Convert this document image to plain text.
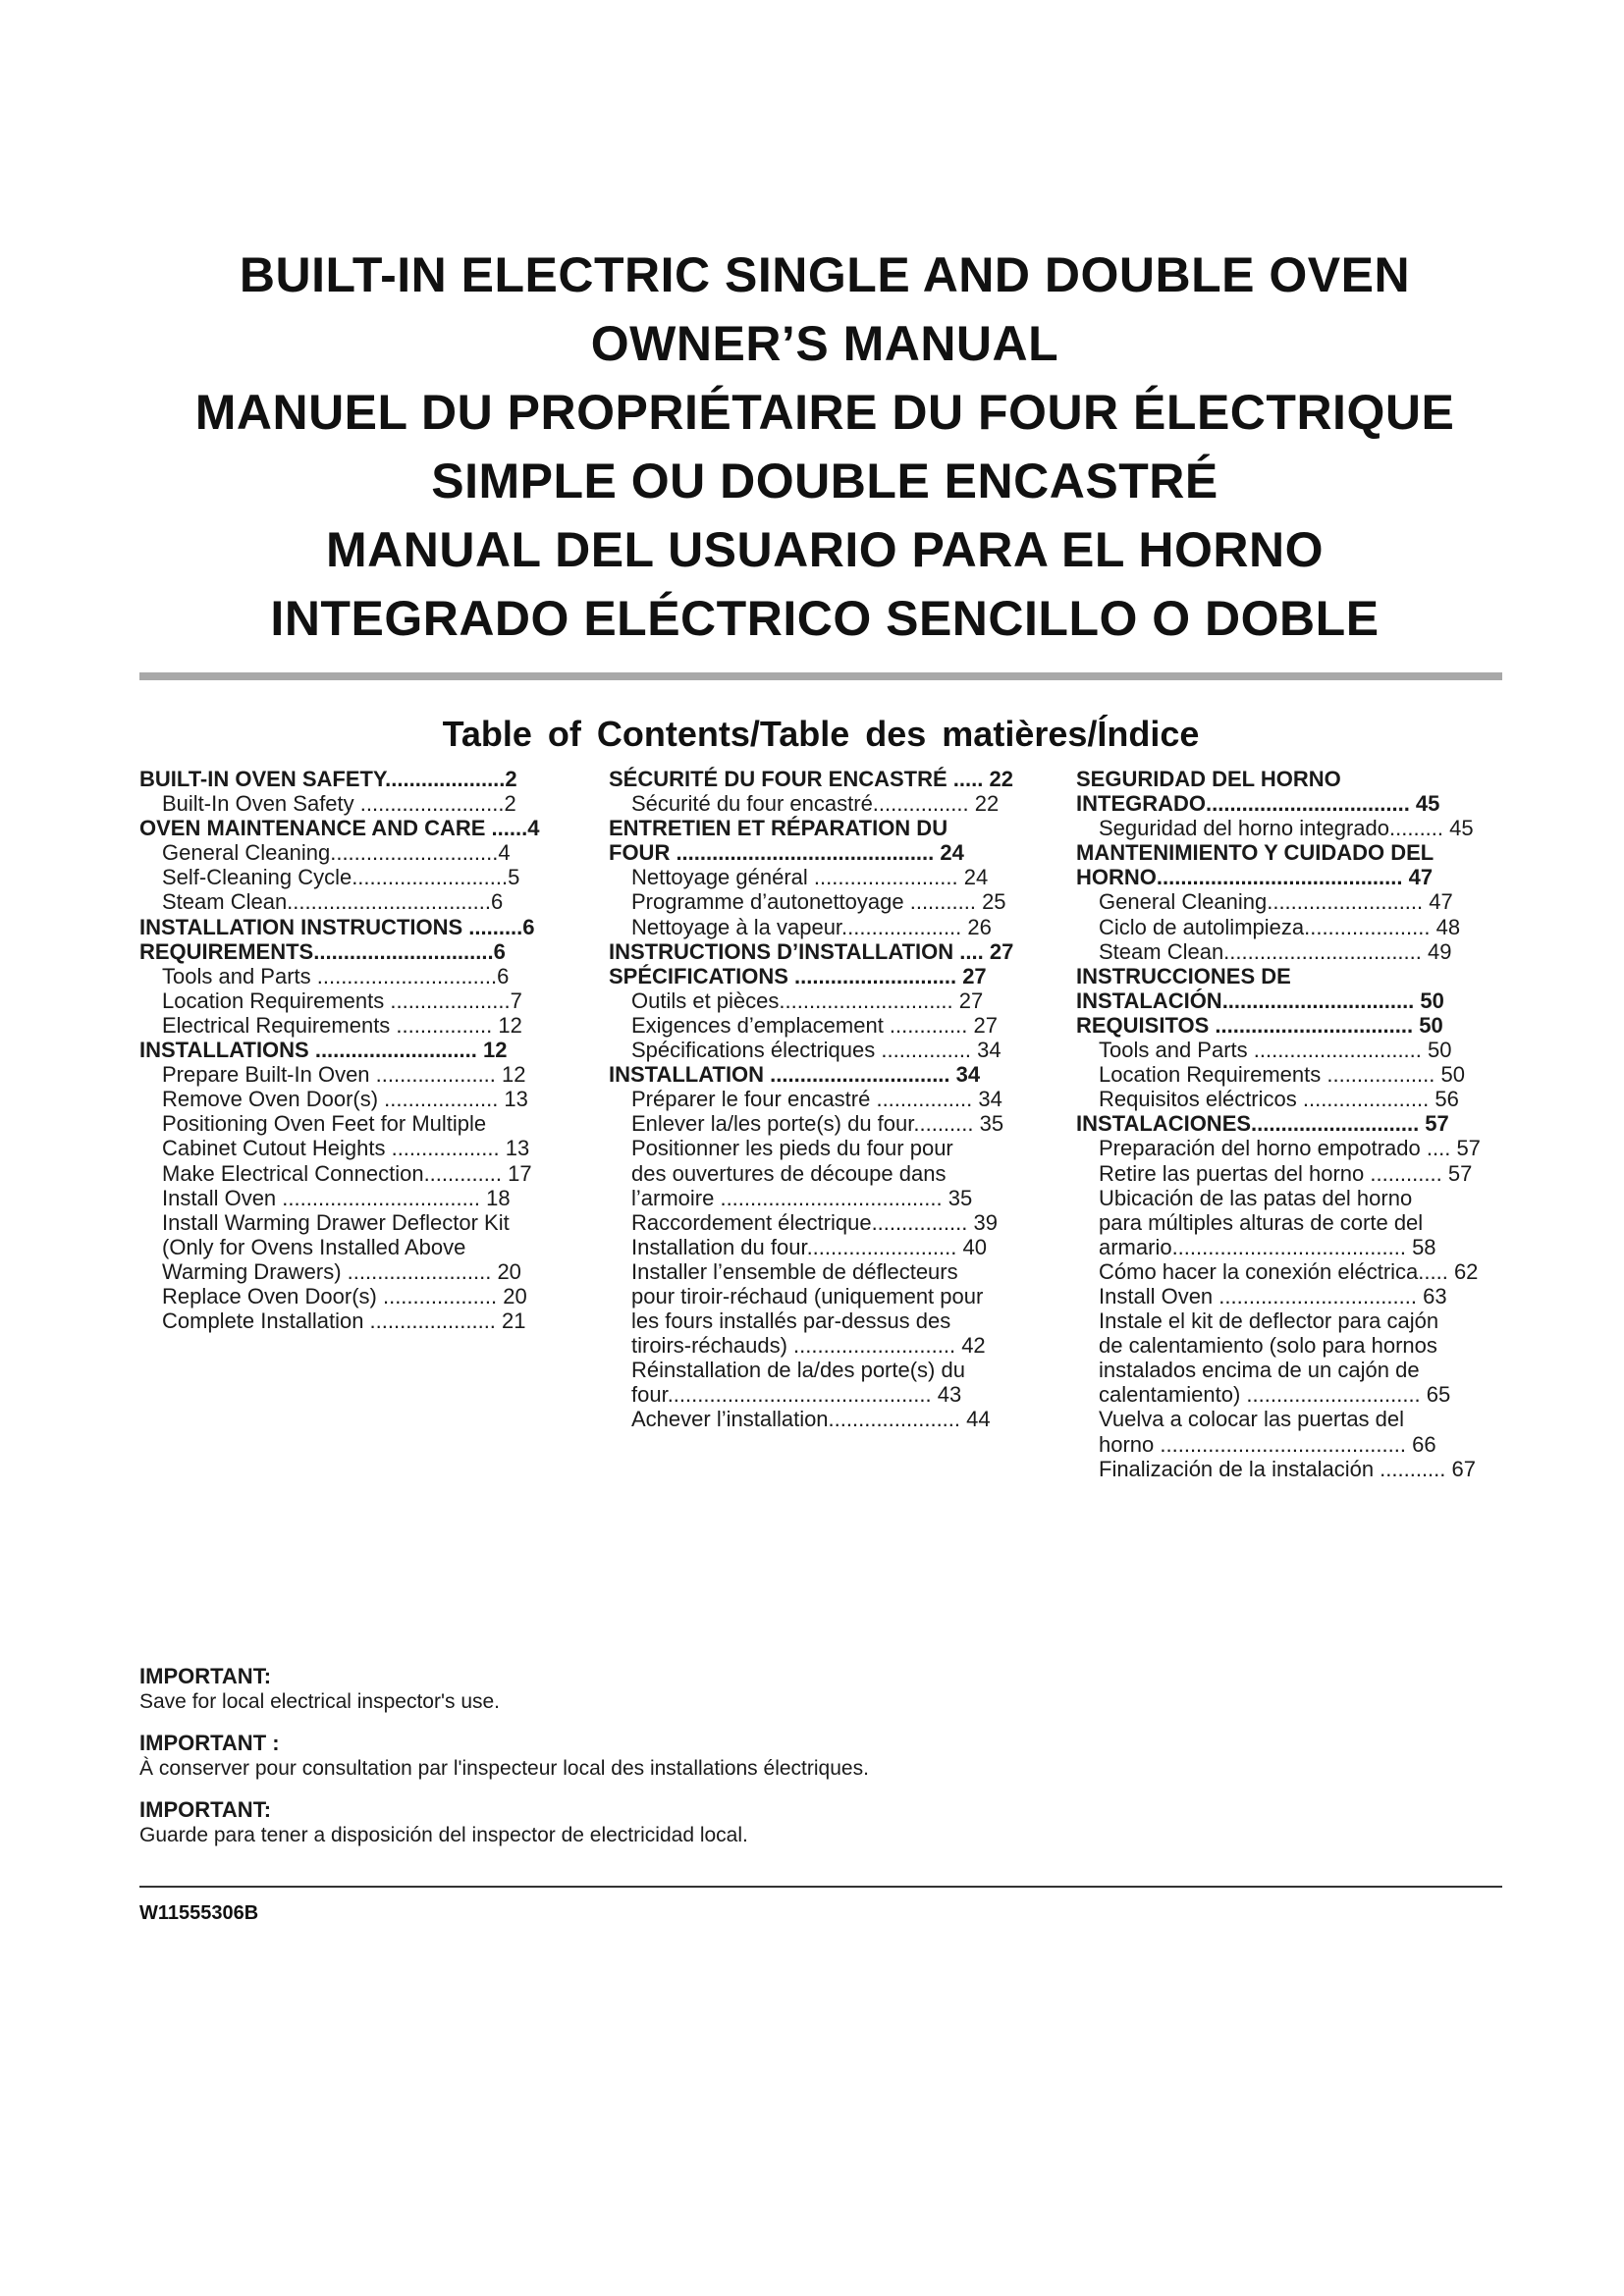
BUILT-IN ELECTRIC SINGLE AND DOUBLE OVEN
OWNER’S MANUAL
MANUEL DU PROPRIÉTAIRE DU FOUR ÉLECTRIQUE
SIMPLE OU DOUBLE ENCASTRÉ
MANUAL DEL USUARIO PARA EL HORNO
INTEGRADO ELÉCTRICO SENCILLO O DOBLE
Table of Contents/Table des matières/Índice
BUILT-IN OVEN SAFETY....................2
Built-In Oven Safety ........................2
OVEN MAINTENANCE AND CARE ......4
General Cleaning............................4
Self-Cleaning Cycle..........................5
Steam Clean..................................6
INSTALLATION INSTRUCTIONS .........6
REQUIREMENTS..............................6
Tools and Parts ..............................6
Location Requirements ....................7
Electrical Requirements ................ 12
INSTALLATIONS ........................... 12
Prepare Built-In Oven .................... 12
Remove Oven Door(s) ................... 13
Positioning Oven Feet for Multiple
Cabinet Cutout Heights .................. 13
Make Electrical Connection............. 17
Install Oven ................................. 18
Install Warming Drawer Deflector Kit
(Only for Ovens Installed Above
Warming Drawers) ........................ 20
Replace Oven Door(s) ................... 20
Complete Installation ..................... 21
SÉCURITÉ DU FOUR ENCASTRÉ ..... 22
Sécurité du four encastré................ 22
ENTRETIEN ET RÉPARATION DU
FOUR ........................................... 24
Nettoyage général ........................ 24
Programme d’autonettoyage ........... 25
Nettoyage à la vapeur.................... 26
INSTRUCTIONS D’INSTALLATION .... 27
SPÉCIFICATIONS ........................... 27
Outils et pièces............................. 27
Exigences d’emplacement ............. 27
Spécifications électriques ............... 34
INSTALLATION .............................. 34
Préparer le four encastré ................ 34
Enlever la/les porte(s) du four.......... 35
Positionner les pieds du four pour
des ouvertures de découpe dans
l’armoire ..................................... 35
Raccordement électrique................ 39
Installation du four......................... 40
Installer l’ensemble de déflecteurs
pour tiroir-réchaud (uniquement pour
les fours installés par-dessus des
tiroirs-réchauds) ........................... 42
Réinstallation de la/des porte(s) du
four............................................ 43
Achever l’installation...................... 44
SEGURIDAD DEL HORNO
INTEGRADO.................................. 45
Seguridad del horno integrado......... 45
MANTENIMIENTO Y CUIDADO DEL
HORNO......................................... 47
General Cleaning.......................... 47
Ciclo de autolimpieza..................... 48
Steam Clean................................. 49
INSTRUCCIONES DE
INSTALACIÓN................................ 50
REQUISITOS ................................. 50
Tools and Parts ............................ 50
Location Requirements .................. 50
Requisitos eléctricos ..................... 56
INSTALACIONES............................ 57
Preparación del horno empotrado .... 57
Retire las puertas del horno ............ 57
Ubicación de las patas del horno
para múltiples alturas de corte del
armario....................................... 58
Cómo hacer la conexión eléctrica..... 62
Install Oven ................................. 63
Instale el kit de deflector para cajón
de calentamiento (solo para hornos
instalados encima de un cajón de
calentamiento) ............................. 65
Vuelva a colocar las puertas del
horno ......................................... 66
Finalización de la instalación ........... 67
IMPORTANT:
Save for local electrical inspector's use.
IMPORTANT :
À conserver pour consultation par l'inspecteur local des installations électriques.
IMPORTANT:
Guarde para tener a disposición del inspector de electricidad local.
W11555306B
